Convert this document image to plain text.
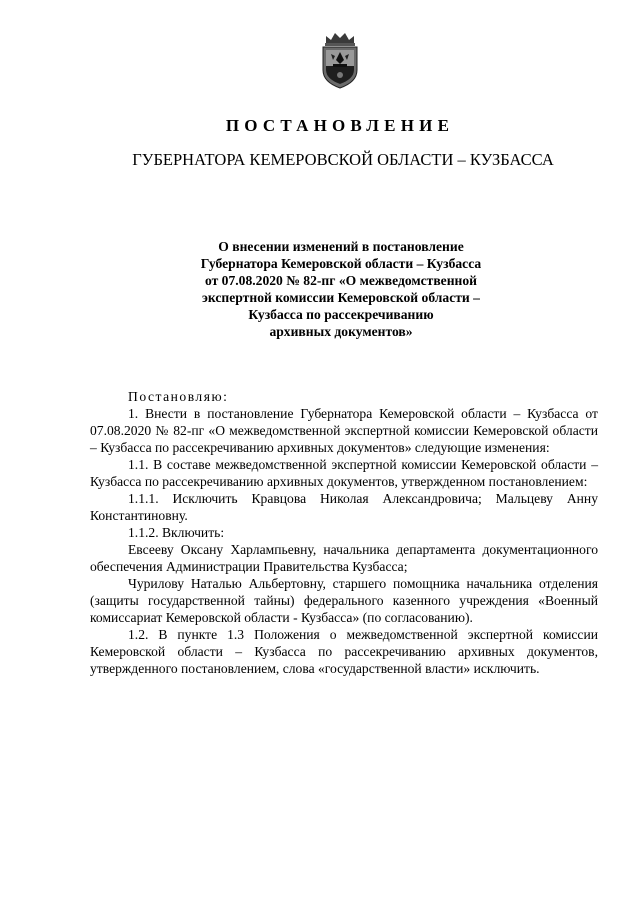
ПОСТАНОВЛЕНИЕ
ГУБЕРНАТОРА КЕМЕРОВСКОЙ ОБЛАСТИ – КУЗБАССА
О внесении изменений в постановление
Губернатора Кемеровской области – Кузбасса
от 07.08.2020 № 82-пг «О межведомственной
экспертной комиссии Кемеровской области –
Кузбасса по рассекречиванию
архивных документов»

Постановляю:

1. Внести в постановление Губернатора Кемеровской области – Кузбасса от 07.08.2020 № 82-пг «О межведомственной экспертной комиссии Кемеровской области – Кузбасса по рассекречиванию архивных документов» следующие изменения:

1.1. В составе межведомственной экспертной комиссии Кемеровской области – Кузбасса по рассекречиванию архивных документов, утвержденном постановлением:

1.1.1. Исключить Кравцова Николая Александровича; Мальцеву Анну Константиновну.

1.1.2. Включить:

Евсееву Оксану Харлампьевну, начальника департамента документационного обеспечения Администрации Правительства Кузбасса;

Чурилову Наталью Альбертовну, старшего помощника начальника отделения (защиты государственной тайны) федерального казенного учреждения «Военный комиссариат Кемеровской области - Кузбасса» (по согласованию).

1.2. В пункте 1.3 Положения о межведомственной экспертной комиссии Кемеровской области – Кузбасса по рассекречиванию архивных документов, утвержденного постановлением, слова «государственной власти» исключить.
